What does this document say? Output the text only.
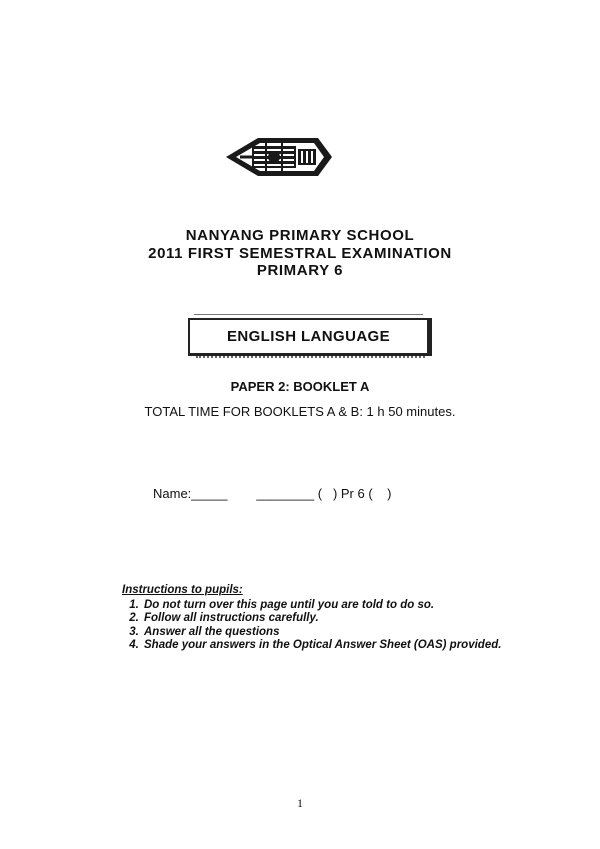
NANYANG PRIMARY SCHOOL
2011 FIRST SEMESTRAL EXAMINATION
PRIMARY 6
ENGLISH LANGUAGE
PAPER 2: BOOKLET A
TOTAL TIME FOR BOOKLETS A & B: 1 h 50 minutes.
Name:_____        ________ (   ) Pr 6 (    )
Instructions to pupils:
1. Do not turn over this page until you are told to do so.
2. Follow all instructions carefully.
3. Answer all the questions
4. Shade your answers in the Optical Answer Sheet (OAS) provided.
1
